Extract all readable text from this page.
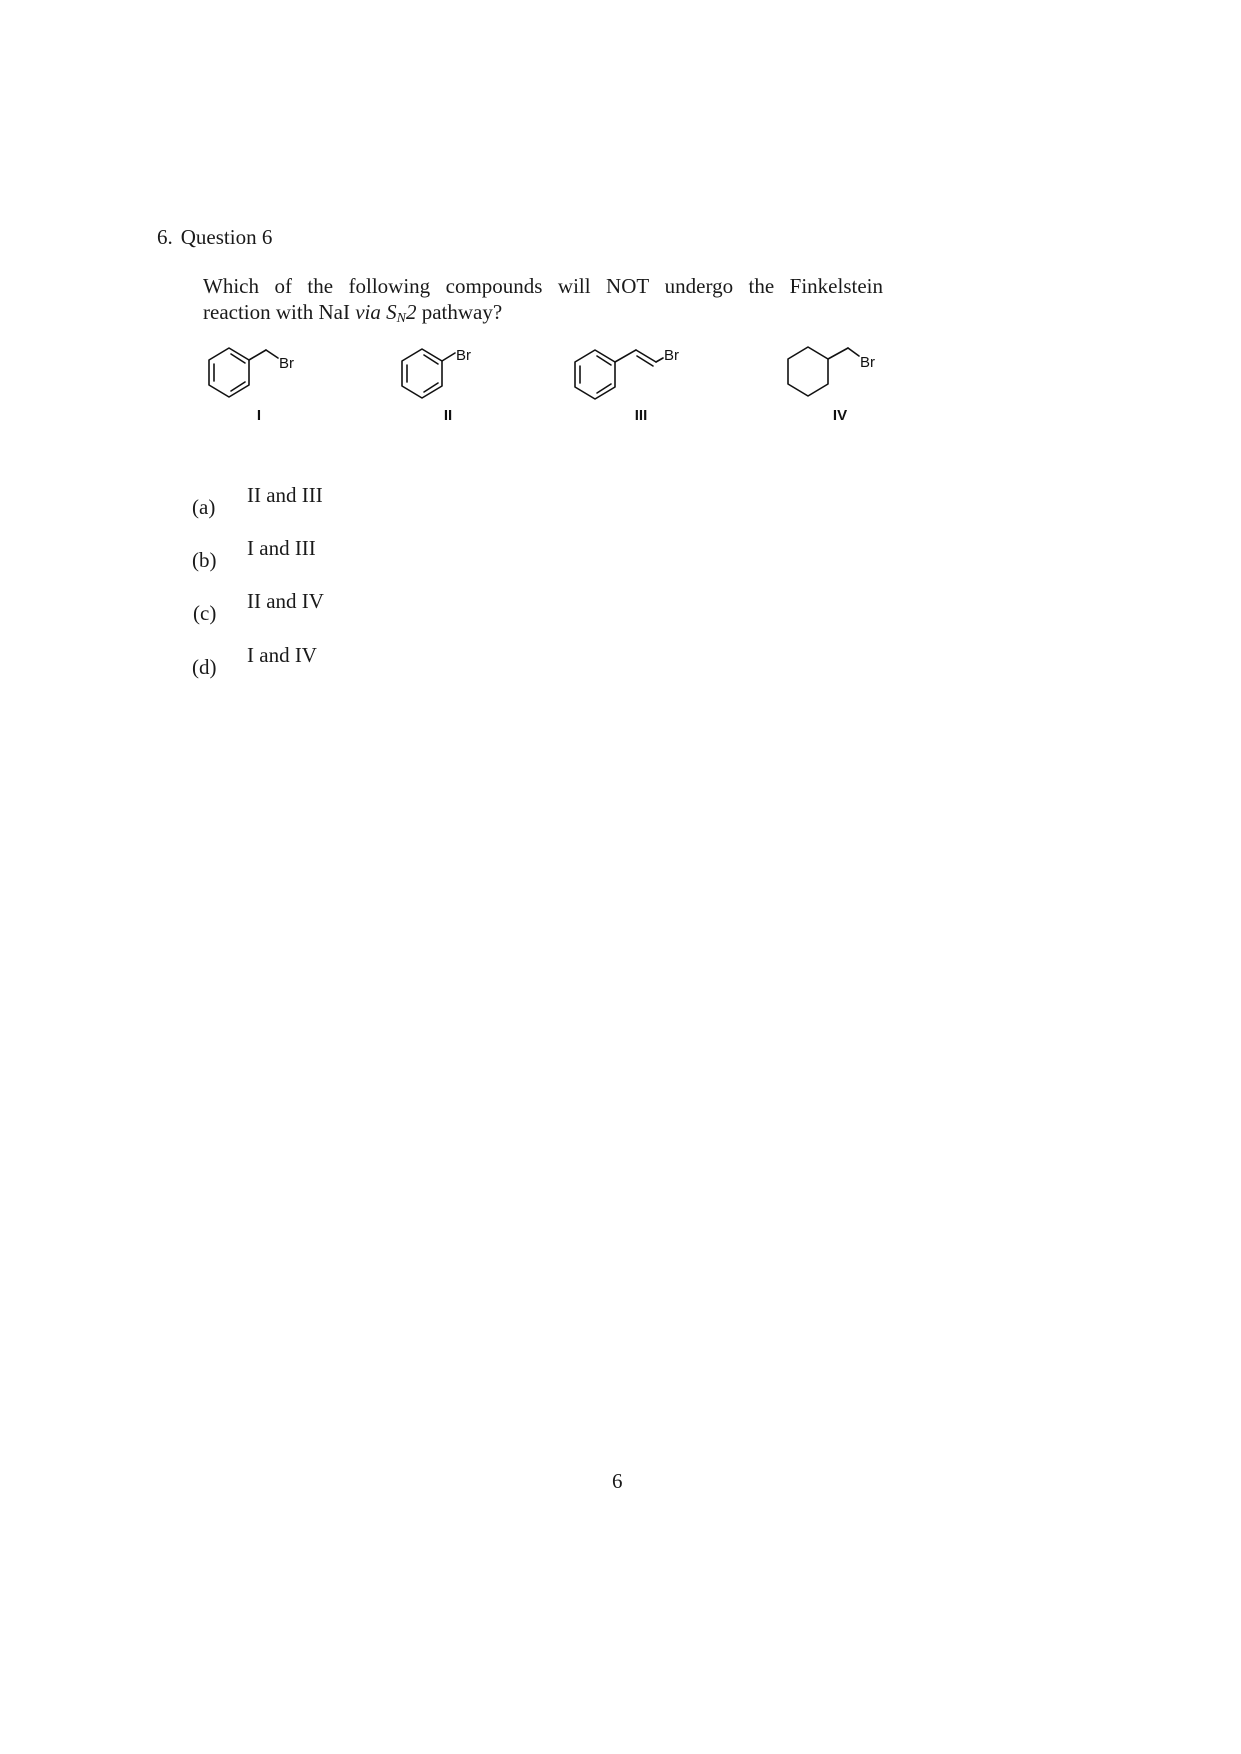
6. Question 6
Which of the following compounds will NOT undergo the Finkelstein
reaction with NaI via $S_N2$ pathway?
Br	Br	Br	Br
I	II	III	IV
(a) II and III
(b) I and III
(c) II and IV
(d) I and IV
6
